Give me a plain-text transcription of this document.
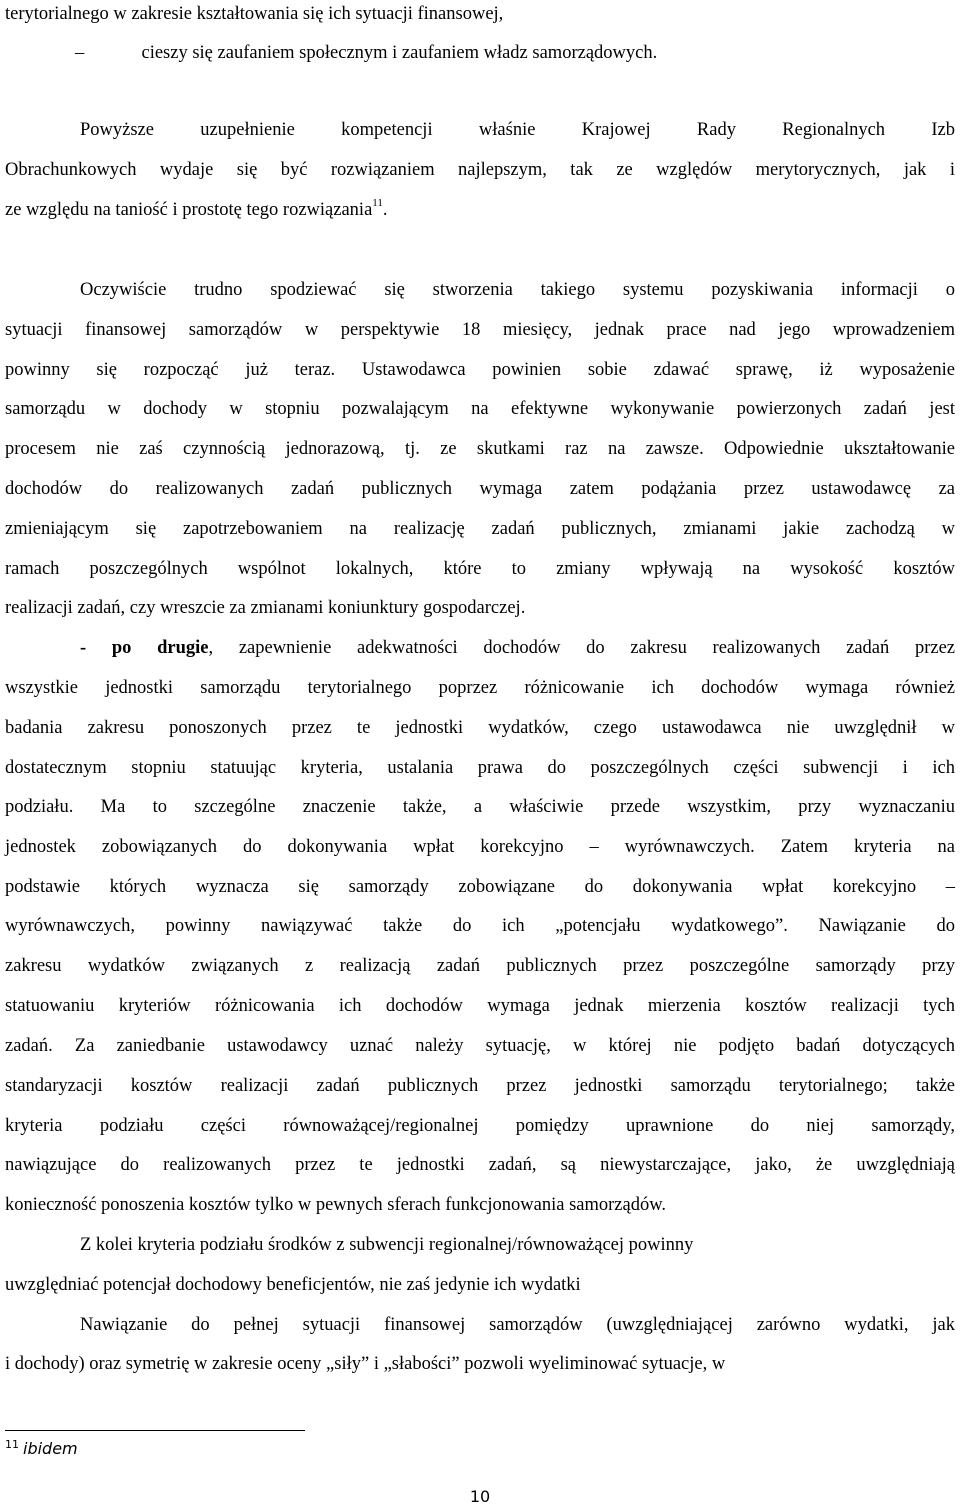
terytorialnego w zakresie kształtowania się ich sytuacji finansowej,
–	cieszy się zaufaniem społecznym i zaufaniem władz samorządowych.
Powyższe uzupełnienie kompetencji właśnie Krajowej Rady Regionalnych Izb
Obrachunkowych wydaje się być rozwiązaniem najlepszym, tak ze względów merytorycznych, jak i
ze względu na taniość i prostotę tego rozwiązania$^{11}$.
Oczywiście trudno spodziewać się stworzenia takiego systemu pozyskiwania informacji o
sytuacji finansowej samorządów w perspektywie 18 miesięcy, jednak prace nad jego wprowadzeniem
powinny się rozpocząć już teraz. Ustawodawca powinien sobie zdawać sprawę, iż wyposażenie
samorządu w dochody w stopniu pozwalającym na efektywne wykonywanie powierzonych zadań jest
procesem nie zaś czynnością jednorazową, tj. ze skutkami raz na zawsze. Odpowiednie ukształtowanie
dochodów do realizowanych zadań publicznych wymaga zatem podążania przez ustawodawcę za
zmieniającym się zapotrzebowaniem na realizację zadań publicznych, zmianami jakie zachodzą w
ramach poszczególnych wspólnot lokalnych, które to zmiany wpływają na wysokość kosztów
realizacji zadań, czy wreszcie za zmianami koniunktury gospodarczej.
- po drugie, zapewnienie adekwatności dochodów do zakresu realizowanych zadań przez
wszystkie jednostki samorządu terytorialnego poprzez różnicowanie ich dochodów wymaga również
badania zakresu ponoszonych przez te jednostki wydatków, czego ustawodawca nie uwzględnił w
dostatecznym stopniu statuując kryteria, ustalania prawa do poszczególnych części subwencji i ich
podziału. Ma to szczególne znaczenie także, a właściwie przede wszystkim, przy wyznaczaniu
jednostek zobowiązanych do dokonywania wpłat korekcyjno – wyrównawczych. Zatem kryteria na
podstawie których wyznacza się samorządy zobowiązane do dokonywania wpłat korekcyjno –
wyrównawczych, powinny nawiązywać także do ich „potencjału wydatkowego”. Nawiązanie do
zakresu wydatków związanych z realizacją zadań publicznych przez poszczególne samorządy przy
statuowaniu kryteriów różnicowania ich dochodów wymaga jednak mierzenia kosztów realizacji tych
zadań. Za zaniedbanie ustawodawcy uznać należy sytuację, w której nie podjęto badań dotyczących
standaryzacji kosztów realizacji zadań publicznych przez jednostki samorządu terytorialnego; także
kryteria podziału części równoważącej/regionalnej pomiędzy uprawnione do niej samorządy,
nawiązujące do realizowanych przez te jednostki zadań, są niewystarczające, jako, że uwzględniają
konieczność ponoszenia kosztów tylko w pewnych sferach funkcjonowania samorządów.
Z kolei kryteria podziału środków z subwencji regionalnej/równoważącej powinny
uwzględniać potencjał dochodowy beneficjentów, nie zaś jedynie ich wydatki
Nawiązanie do pełnej sytuacji finansowej samorządów (uwzględniającej zarówno wydatki, jak
i dochody) oraz symetrię w zakresie oceny „siły” i „słabości” pozwoli wyeliminować sytuacje, w
$^{11}$ ibidem
10
